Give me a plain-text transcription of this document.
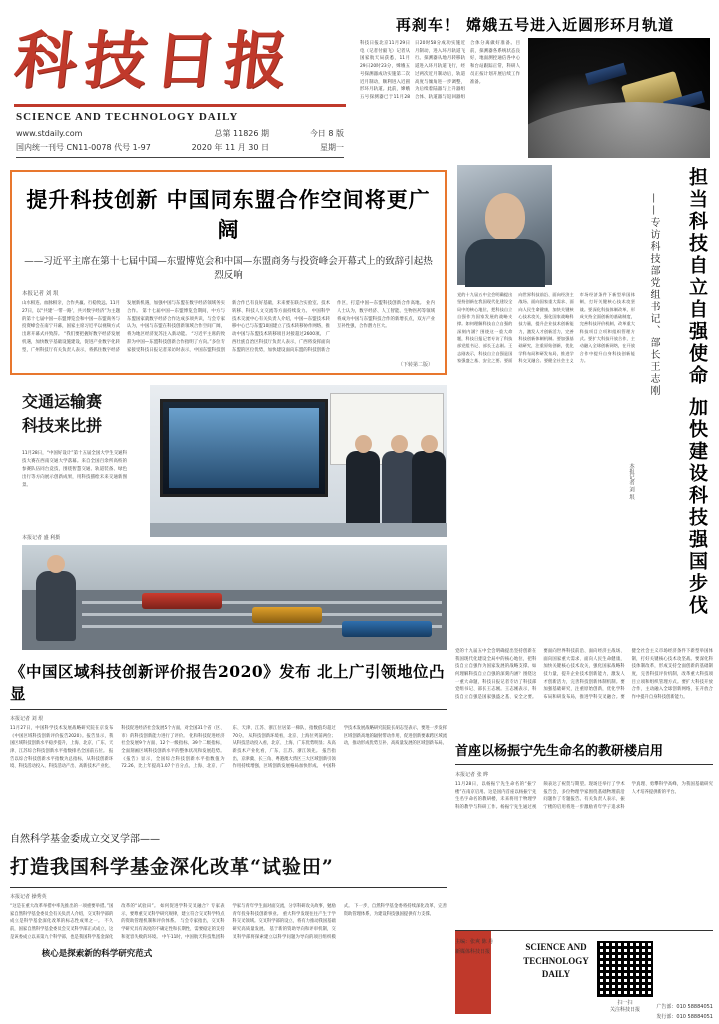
科技日报
SCIENCE AND TECHNOLOGY DAILY
www.stdaily.com
国内统一刊号 CN11-0078 代号 1-97
总第 11826 期
2020 年 11 月 30 日
今日 8 版
星期一
再刹车！ 嫦娥五号进入近圆形环月轨道
科技日报北京11月29日电（记者付毅飞）记者从国家航天局获悉，11月29日20时23分，嫦娥五号探测器成功实施第二次近月制动，顺利进入近圆形环月轨道。此前，嫦娥五号探测器已于11月28日20时58分成功实施近月制动，进入环月轨道飞行。探测器从地月转移轨道进入环月轨道飞行，经过两次近月制动后，轨道高度与倾角进一步调整，为后续着陆器与上升器组合体、轨道器与返回器组合体分离做好准备。目前，探测器各系统状态良好，地面测控通信各中心和台站跟踪正常，科研人员正按计划开展后续工作准备。
提升科技创新 中国同东盟合作空间将更广阔
——习近平主席在第十七届中国—东盟博览会和中国—东盟商务与投资峰会开幕式上的致辞引起热烈反响
本报记者 刘 垠
山水相连、血脉相亲，合作共赢、行稳致远。11月27日，以“共建‘一带一路’，共兴数字经济”为主题的第十七届中国—东盟博览会和中国—东盟商务与投资峰会在南宁开幕，国家主席习近平以视频方式出席开幕式并致辞。 “我们要把握好数字经济发展机遇，加快数字基础设施建设，促进产业数字化转型，广州科技厅有关负责人表示，将抓住数字经济发展新机遇，加强中国与东盟在数字经济领域务实合作。 第十七届中国—东盟博览会期间，中方与东盟国家就数字经济合作达成多项共识，与会专家认为，中国与东盟在科技创新领域合作空间广阔，将为地区经济复苏注入新动能。 “习近平主席的致辞为中国—东盟科技创新合作指明了方向。”多位专家接受科技日报记者采访时表示，中国东盟科技创新合作已有良好基础，未来要在联合实验室、技术转移、科技人文交流等方面持续发力。 中国科学技术交流中心有关负责人介绍，中国—东盟技术转移中心已与东盟10国建立了技术转移协作网络，推动中国与东盟技术转移项目对接超过2600项。 广西壮族自治区科技厅负责人表示，广西将发挥面向东盟的区位优势，加快建设面向东盟的科技创新合作区，打造中国—东盟科技创新合作高地。 业内人士认为，数字经济、人工智能、生物医药等领域将成为中国与东盟科技合作的新增长点，双方产业互补性强，合作潜力巨大。
（下转第二版）	担当科技自立自强使命 加快建设科技强国步伐
——专访科技部党组书记、部长王志刚
本报记者 刘 垠
党的十九届五中全会明确提出坚持创新在我国现代化建设全局中的核心地位，把科技自立自强作为国家发展的战略支撑。如何理解科技自立自强的深刻内涵？围绕这一重大命题，科技日报记者专访了科技部党组书记、部长王志刚。王志刚表示，科技自立自强是国家强盛之基、安全之要。要面向世界科技前沿、面向经济主战场、面向国家重大需求、面向人民生命健康，加快关键核心技术攻关，强化国家战略科技力量，提升企业技术创新能力，激发人才创新活力，完善科技创新体制机制。要加强基础研究，注重原始创新，优化学科布局和研发布局，推进学科交叉融合。要健全社会主义市场经济条件下新型举国体制，打好关键核心技术攻坚战。要深化科技体制改革，形成支持全面创新的基础制度，完善科技评价机制，改革重大科技项目立项和组织管理方式。要扩大科技开放合作，主动融入全球创新网络，在开放合作中提升自身科技创新能力。
交通运输赛
科技来比拼
11月28日，“中国好设计”第十五届全国大学生交通科技大赛在西南交通大学落幕。来自全国百余所高校的参赛队伍同台竞技，围绕智慧交通、轨道装备、绿色出行等方向展示创新成果，用科技描绘未来交通新图景。
本报记者 盛 利摄
《中国区域科技创新评价报告2020》发布 北上广引领地位凸显
本报记者 刘 垠
11月27日，中国科学技术发展战略研究院在京发布《中国区域科技创新评价报告2020》。报告显示，我国区域科技创新水平稳步提升，上海、北京、广东、天津、江苏综合科技创新水平指数排名全国前五位。 报告以综合科技创新水平指数为总指标，从科技创新环境、科技活动投入、科技活动产出、高新技术产业化、科技促进经济社会发展5个方面，对全国31个省（区、市）的科技创新能力进行了评价。 化和科技促进经济社会发展9个方面、12个一级指标、39个二级指标，全面刻画区域科技创新水平的整体状况和发展趋势。 《报告》显示，全国综合科技创新水平指数值为72.26，比上年提高1.07个百分点。上海、北京、广东、天津、江苏、浙江位居第一梯队，指数值均超过70分。 从科技创新环境看，北京、上海位列前两位；从科技活动投入看，北京、上海、广东优势明显；从高新技术产业化看，广东、江苏、浙江领先。 报告指出，京津冀、长三角、粤港澳大湾区三大区域创新引领作用持续增强，区域创新发展格局加快形成。 中国科学技术发展战略研究院院长胡志坚表示，要进一步发挥区域创新高地的辐射带动作用，促进创新要素跨区域流动，推动形成优势互补、高质量发展的区域创新布局。
自然科学基金委成立交叉学部——
打造我国科学基金深化改革“试验田”
本报记者 操秀英
“这是在重大改革举措中率先推出的一项重要举措。”国家自然科学基金委员会有关负责人介绍，交叉科学部的成立是科学基金深化改革的标志性成果之一。 不久前，国家自然科学基金委员会交叉科学部正式成立，这是该委成立以来第九个科学部，也是我国科学基金深化改革的“试验田”。 如何促进学科交叉融合？专家表示，要尊重交叉科学研究规律，建立符合交叉科学特点的资助管理机制和评价体系。 与会专家指出，交叉科学研究具有高度的不确定性和长期性，需要稳定的支持和宽容失败的环境。 中午11时，中国航天科技集团科学家与青年学生面对面交流，分享科研攻关故事，勉励青年投身科技创新事业。 重大科学发现往往产生于学科交叉领域。交叉科学部的设立，将有力推动我国基础研究高质量发展。 基于新的资助导向和评审机制，交叉科学部将探索建立以科学问题为导向的项目组织模式。 下一步，自然科学基金委将持续深化改革，完善资助管理体系，为建设科技强国提供有力支撑。
核心是探索新的科学研究范式
党的十九届五中全会明确提出坚持创新在我国现代化建设全局中的核心地位，把科技自立自强作为国家发展的战略支撑。如何理解科技自立自强的深刻内涵？围绕这一重大命题，科技日报记者专访了科技部党组书记、部长王志刚。王志刚表示，科技自立自强是国家强盛之基、安全之要。要面向世界科技前沿、面向经济主战场、面向国家重大需求、面向人民生命健康，加快关键核心技术攻关，强化国家战略科技力量，提升企业技术创新能力，激发人才创新活力，完善科技创新体制机制。要加强基础研究，注重原始创新，优化学科布局和研发布局，推进学科交叉融合。要健全社会主义市场经济条件下新型举国体制，打好关键核心技术攻坚战。要深化科技体制改革，形成支持全面创新的基础制度，完善科技评价机制，改革重大科技项目立项和组织管理方式。要扩大科技开放合作，主动融入全球创新网络，在开放合作中提升自身科技创新能力。
首座以杨振宁先生命名的教研楼启用
本报记者 张 晔
11月28日，以杨振宁先生命名的“振宁楼”在南京启用。这是国内首座以杨振宁先生名字命名的教研楼，未来将用于物理学科的教学与科研工作。杨振宁先生通过视频表达了祝贺与期望。现场还举行了学术报告会，多位物理学家围绕基础物理前沿问题作了专题报告。有关负责人表示，振宁楼的启用将进一步激励青年学子追求科学真理、勇攀科学高峰，为我国基础研究人才培养提供新的平台。
主编：张爽 陈 丹
新媒体科技日报	SCIENCE AND
TECHNOLOGY
DAILY
扫一扫
关注科技日报	广告部：010 58884051
发行部：010 58884051
